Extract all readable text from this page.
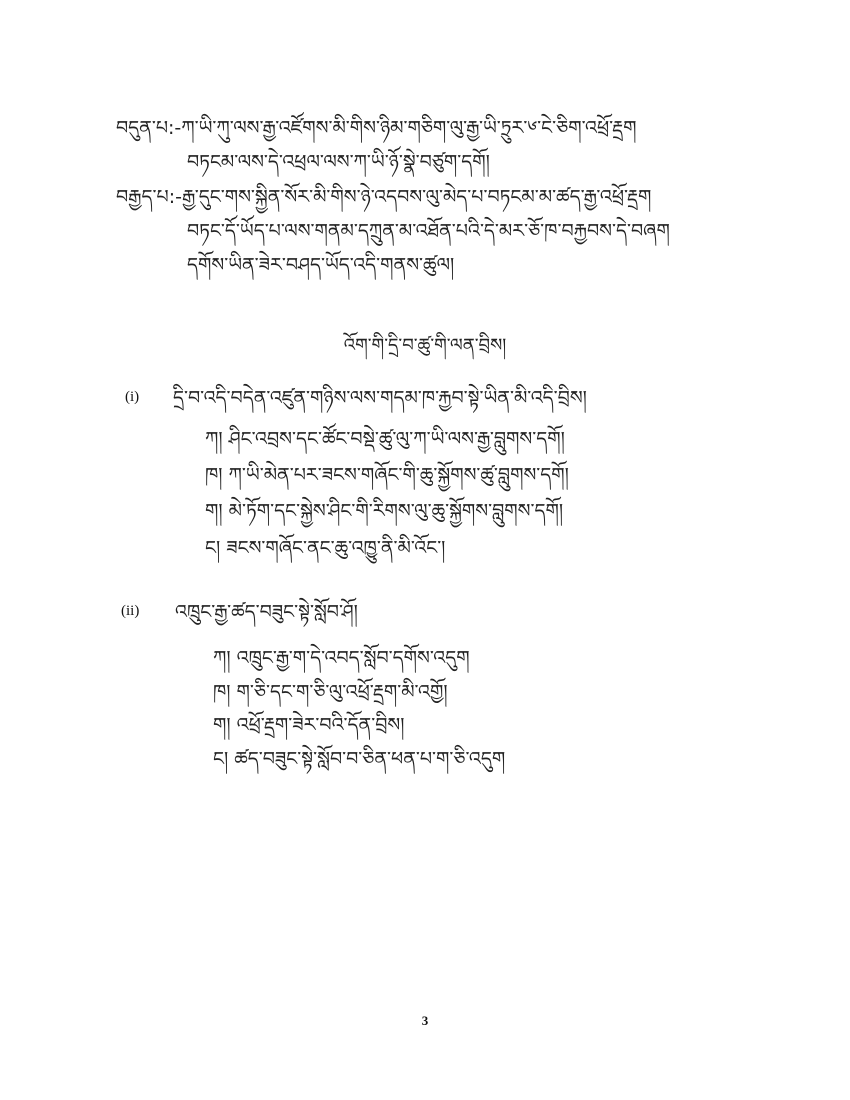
བདུན་པ:-ཀ་ཡི་ཀུ་ལས་རྒྱ་འཛོགས་མི་གིས་ཉིམ་གཅིག་ལུ་རྒྱ་ཡི་ཏྲུར་༦་ངེ་ཅིག་འཕྲོ་རྡྲག
བཏངམ་ལས་དེ་འཕྲལ་ལས་ཀ་ཡི་ཉོ་སྣེ་བཙུག་དགོ།
བརྒྱད་པ:-རྒྱ་དུང་གས་སྐྱིན་སོར་མི་གིས་ཉེ་འདབས་ལུ་མེད་པ་བཏངམ་མ་ཚད་རྒྱ་འཕྲོ་རྡྲག
བཏང་དོ་ཡོད་པ་ལས་གནམ་དཀྲུན་མ་འཐོན་པའི་དེ་མར་ཅོ་ཁ་བརྐྱབས་དེ་བཞག
དགོས་ཡིན་ཟེར་བཤད་ཡོད་འདི་གནས་ཚུལ།
འོག་གི་དྲི་བ་ཚུ་གི་ལན་བྲིས།
(i) དྲི་བ་འདི་བདེན་འཛུན་གཉིས་ལས་གདམ་ཁ་རྐྱབ་སྟེ་ཡིན་མི་འདི་བྲིས།
ཀ། ཤིང་འབྲས་དང་ཚོང་བསྡེ་ཚུ་ལུ་ཀ་ཡི་ལས་རྒྱ་བླུགས་དགོ།
ཁ། ཀ་ཡི་མེན་པར་ཟངས་གཞོང་གི་ཆུ་སྐྱོགས་ཚུ་བླུགས་དགོ།
ག། མེ་ཏོག་དང་སྐྱེས་ཤིང་གི་རིགས་ལུ་ཆུ་སྐྱོགས་བླུགས་དགོ།
ང། ཟངས་གཞོང་ནང་ཆུ་འཁྱུ་ནི་མི་འོང་།
(ii) འཁྲུང་རྒྱ་ཚད་བཟུང་སྟེ་སློབ་ཤོ།
ཀ། འཁྲུང་རྒྱ་ག་དེ་འབད་སློབ་དགོས་འདུག
ཁ། ག་ཅི་དང་ག་ཅི་ལུ་འཕྲོ་རྡྲག་མི་འགྱོ།
ག། འཕྲོ་རྡྲག་ཟེར་བའི་དོན་བྲིས།
ང། ཚད་བཟུང་སྟེ་སློབ་བ་ཅིན་ཕན་པ་ག་ཅི་འདུག
3
